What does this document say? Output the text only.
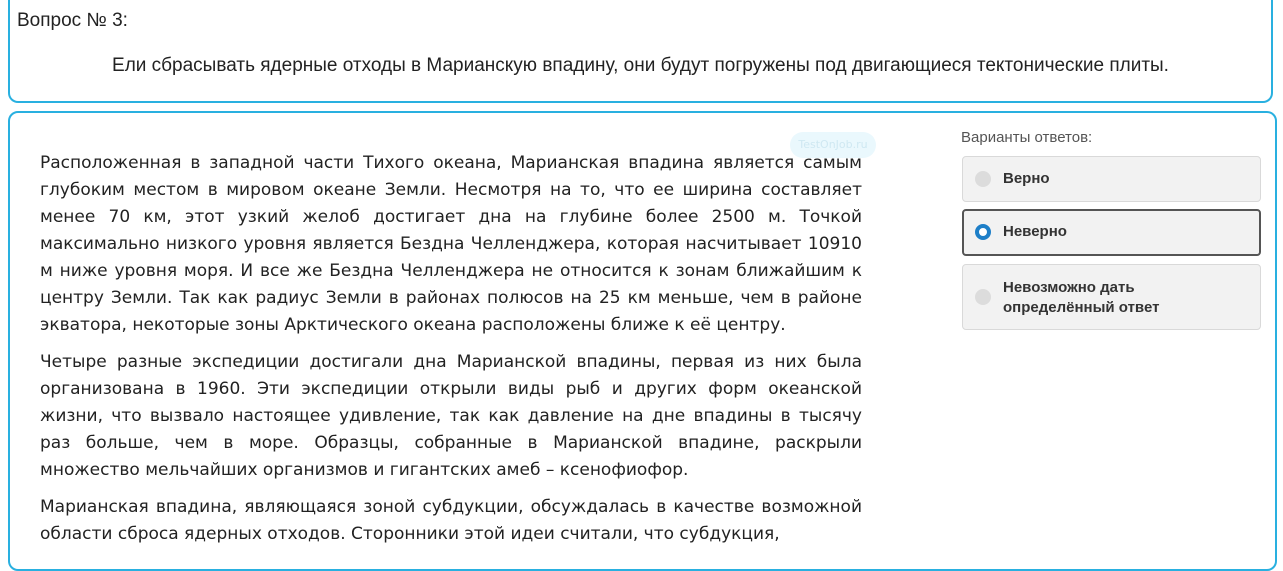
Вопрос № 3:
Ели сбрасывать ядерные отходы в Марианскую впадину, они будут погружены под двигающиеся тектонические плиты.
TestOnJob.ru

Расположенная в западной части Тихого океана, Марианская впадина является самым глубоким местом в мировом океане Земли. Несмотря на то, что ее ширина составляет менее 70 км, этот узкий желоб достигает дна на глубине более 2500 м. Точкой максимально низкого уровня является Бездна Челленджера, которая насчитывает 10910 м ниже уровня моря. И все же Бездна Челленджера не относится к зонам ближайшим к центру Земли. Так как радиус Земли в районах полюсов на 25 км меньше, чем в районе экватора, некоторые зоны Арктического океана расположены ближе к её центру.

Четыре разные экспедиции достигали дна Марианской впадины, первая из них была организована в 1960. Эти экспедиции открыли виды рыб и других форм океанской жизни, что вызвало настоящее удивление, так как давление на дне впадины в тысячу раз больше, чем в море. Образцы, собранные в Марианской впадине, раскрыли множество мельчайших организмов и гигантских амеб – ксенофиофор.

Марианская впадина, являющаяся зоной субдукции, обсуждалась в качестве возможной области сброса ядерных отходов. Сторонники этой идеи считали, что субдукция,

Варианты ответов:
Верно
Неверно
Невозможно дать определённый ответ
